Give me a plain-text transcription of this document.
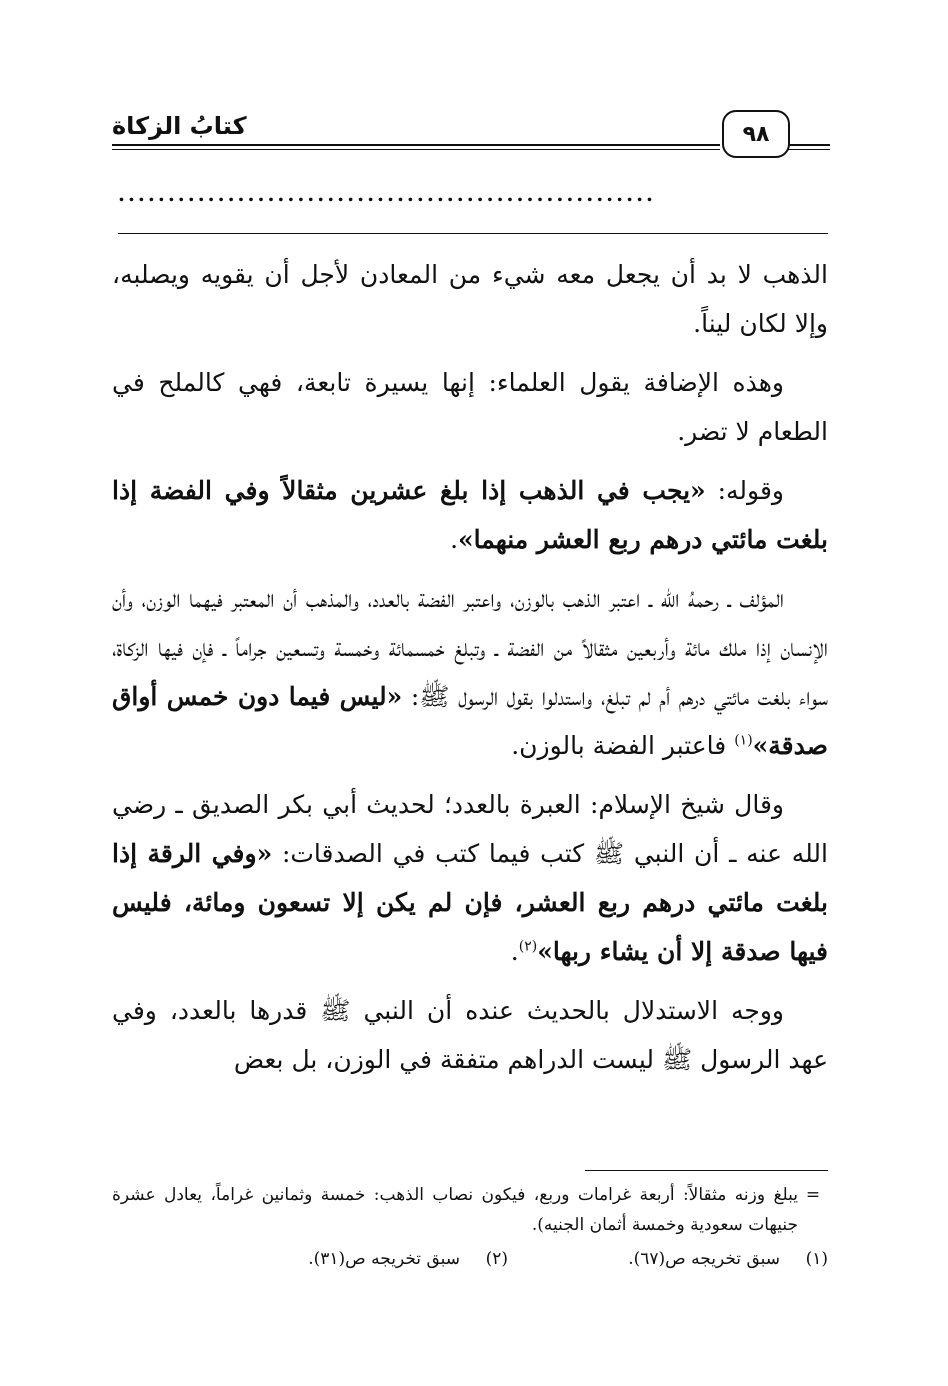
كتابُ الزكاة	٩٨
......................................................

الذهب لا بد أن يجعل معه شيء من المعادن لأجل أن يقويه ويصلبه، وإلا لكان ليناً.

وهذه الإضافة يقول العلماء: إنها يسيرة تابعة، فهي كالملح في الطعام لا تضر.

وقوله: «يجب في الذهب إذا بلغ عشرين مثقالاً وفي الفضة إذا بلغت مائتي درهم ربع العشر منهما».

المؤلف ـ رحمهُ الله ـ اعتبر الذهب بالوزن، واعتبر الفضة بالعدد، والمذهب أن المعتبر فيهما الوزن، وأن الإنسان إذا ملك مائة وأربعين مثقالاً من الفضة ـ وتبلغ خمسمائة وخمسة وتسعين جراماً ـ فإن فيها الزكاة، سواء بلغت مائتي درهم أم لم تبلغ، واستدلوا بقول الرسول ﷺ: «ليس فيما دون خمس أواق صدقة»$^{(١)}$ فاعتبر الفضة بالوزن.

وقال شيخ الإسلام: العبرة بالعدد؛ لحديث أبي بكر الصديق ـ رضي الله عنه ـ أن النبي ﷺ كتب فيما كتب في الصدقات: «وفي الرقة إذا بلغت مائتي درهم ربع العشر، فإن لم يكن إلا تسعون ومائة، فليس فيها صدقة إلا أن يشاء ربها»$^{(٢)}$.

ووجه الاستدلال بالحديث عنده أن النبي ﷺ قدرها بالعدد، وفي عهد الرسول ﷺ ليست الدراهم متفقة في الوزن، بل بعض

=
يبلغ وزنه مثقالاً: أربعة غرامات وربع، فيكون نصاب الذهب: خمسة وثمانين غراماً، يعادل عشرة جنيهات سعودية وخمسة أثمان الجنيه).
(١)
سبق تخريجه ص(٦٧).
(٢)
سبق تخريجه ص(٣١).
